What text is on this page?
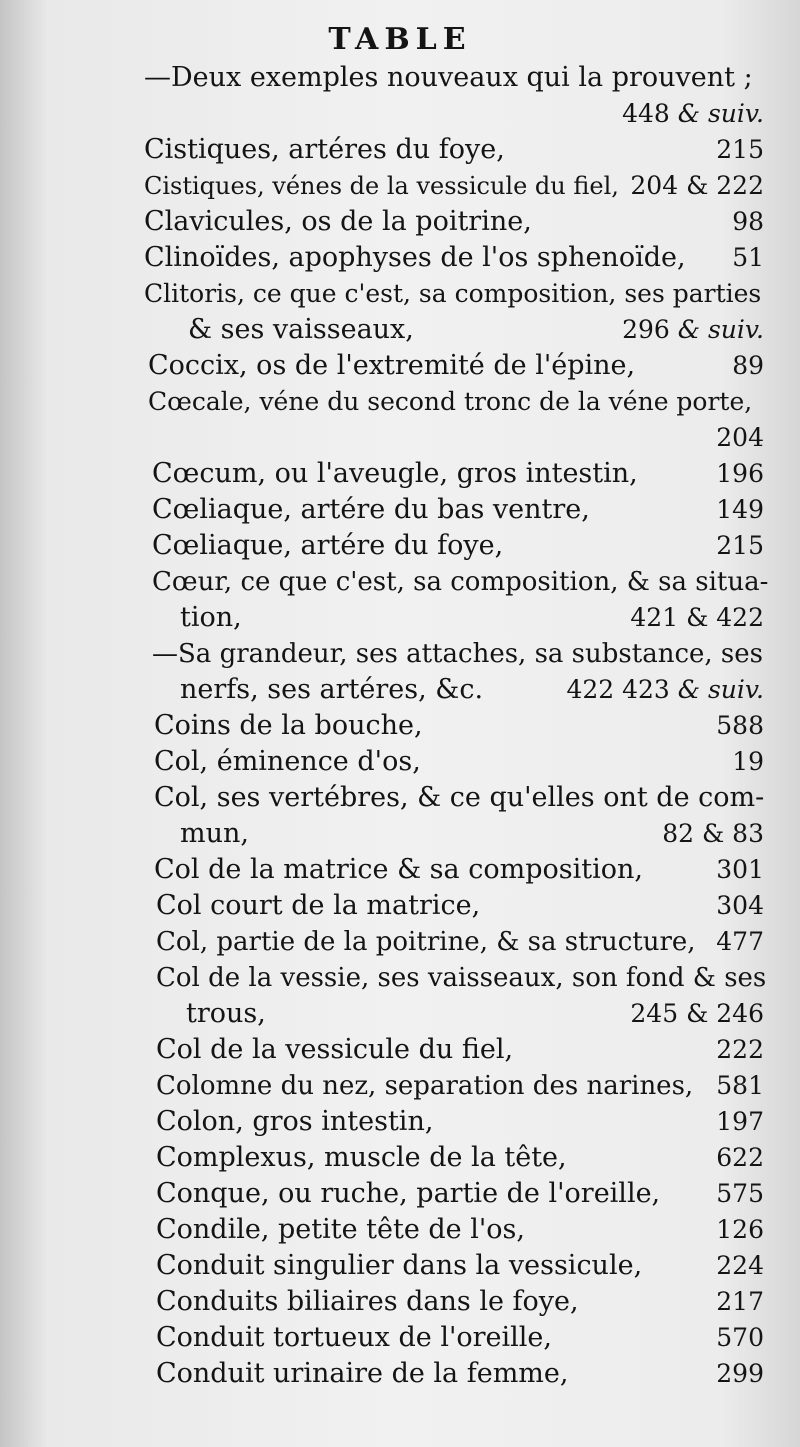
TABLE
—Deux exemples nouveaux qui la prouvent ;
448 & suiv.
Cistiques, artéres du foye,	215
Cistiques, vénes de la vessicule du fiel, 204 & 222
Clavicules, os de la poitrine,	98
Clinoïdes, apophyses de l'os sphenoïde, 51
Clitoris, ce que c'est, sa composition, ses parties
& ses vaisseaux,	296 & suiv.
Coccix, os de l'extremité de l'épine,	89
Cœcale, véne du second tronc de la véne porte,
204
Cœcum, ou l'aveugle, gros intestin,	196
Cœliaque, artére du bas ventre,	149
Cœliaque, artére du foye,	215
Cœur, ce que c'est, sa composition, & sa situa-
tion,	421 & 422
—Sa grandeur, ses attaches, sa substance, ses
nerfs, ses artéres, &c.	422 423 & suiv.
Coins de la bouche,	588
Col, éminence d'os,	19
Col, ses vertébres, & ce qu'elles ont de com-
mun,	82 & 83
Col de la matrice & sa composition,	301
Col court de la matrice,	304
Col, partie de la poitrine, & sa structure, 477
Col de la vessie, ses vaisseaux, son fond & ses
trous,	245 & 246
Col de la vessicule du fiel,	222
Colomne du nez, separation des narines, 581
Colon, gros intestin,	197
Complexus, muscle de la tête,	622
Conque, ou ruche, partie de l'oreille, 575
Condile, petite tête de l'os,	126
Conduit singulier dans la vessicule,	224
Conduits biliaires dans le foye,	217
Conduit tortueux de l'oreille,	570
Conduit urinaire de la femme,	299
